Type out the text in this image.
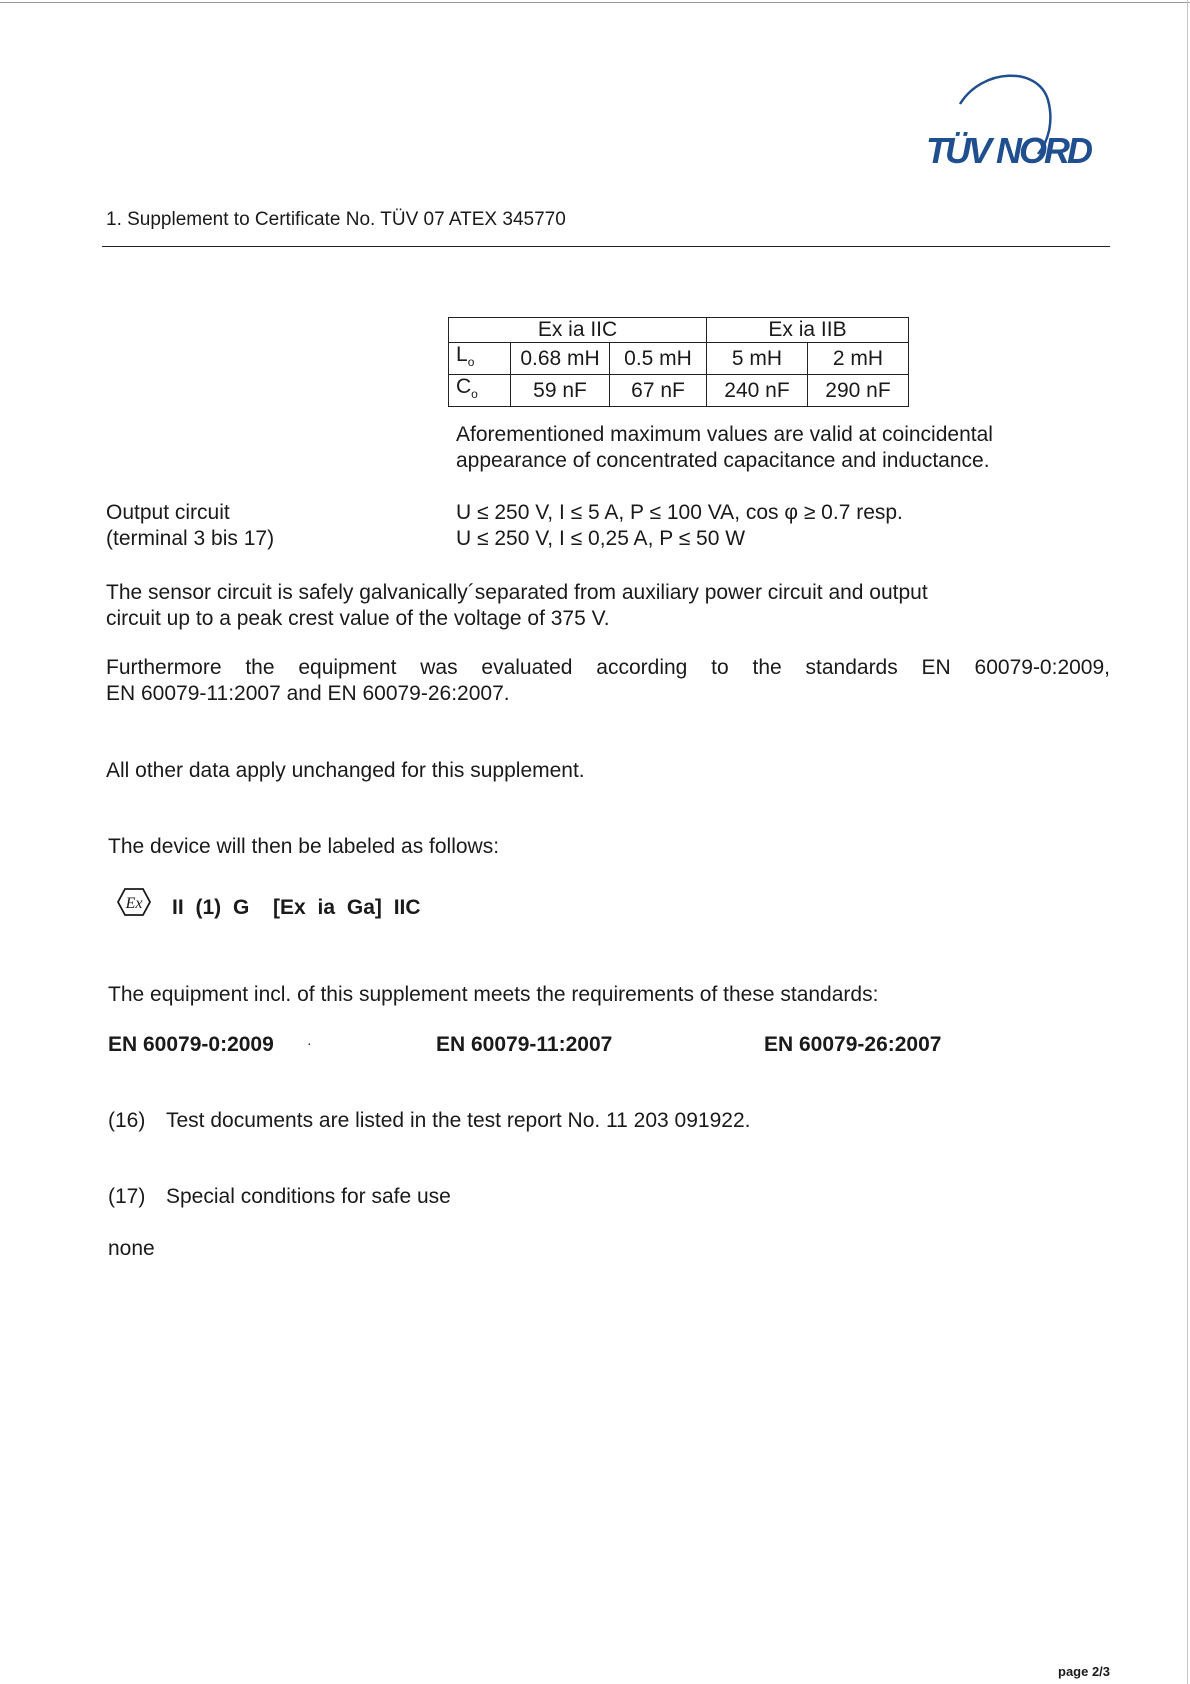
TÜV NORD
1. Supplement to Certificate No. TÜV 07 ATEX 345770
Ex ia IIC			Ex ia IIB	
$L_o$	0.68 mH	0.5 mH	5 mH	2 mH
$C_o$	59 nF	67 nF	240 nF	290 nF
Aforementioned maximum values are valid at coincidental
appearance of concentrated capacitance and inductance.
Output circuit
(terminal 3 bis 17)
U ≤ 250 V, I ≤ 5 A, P ≤ 100 VA, cos φ ≥ 0.7 resp.
U ≤ 250 V, I ≤ 0,25 A, P ≤ 50 W
The sensor circuit is safely galvanically´separated from auxiliary power circuit and output
circuit up to a peak crest value of the voltage of 375 V.
Furthermore the equipment was evaluated according to the standards EN 60079-0:2009,
EN 60079-11:2007 and EN 60079-26:2007.
All other data apply unchanged for this supplement.
The device will then be labeled as follows:
Ex II (1) G  [Ex ia Ga] IIC
The equipment incl. of this supplement meets the requirements of these standards:
EN 60079-0:2009 ·	EN 60079-11:2007	EN 60079-26:2007
(16) Test documents are listed in the test report No. 11 203 091922.
(17) Special conditions for safe use
none
page 2/3
